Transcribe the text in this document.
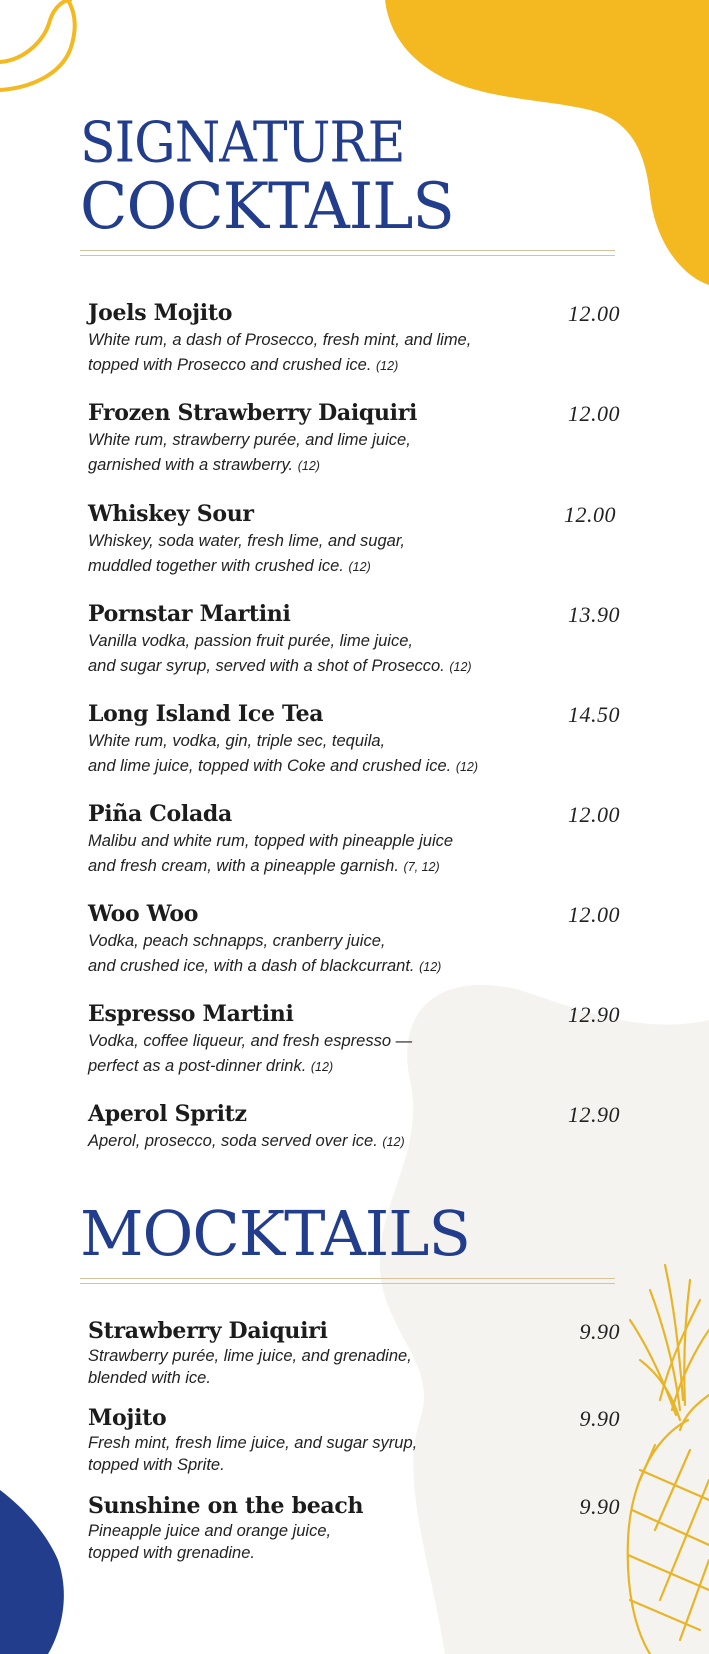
SIGNATURE
COCKTAILS
Joels Mojito	12.00
White rum, a dash of Prosecco, fresh mint, and lime,
topped with Prosecco and crushed ice. (12)
Frozen Strawberry Daiquiri	12.00
White rum, strawberry purée, and lime juice,
garnished with a strawberry. (12)
Whiskey Sour	12.00
Whiskey, soda water, fresh lime, and sugar,
muddled together with crushed ice. (12)
Pornstar Martini	13.90
Vanilla vodka, passion fruit purée, lime juice,
and sugar syrup, served with a shot of Prosecco. (12)
Long Island Ice Tea	14.50
White rum, vodka, gin, triple sec, tequila,
and lime juice, topped with Coke and crushed ice. (12)
Piña Colada	12.00
Malibu and white rum, topped with pineapple juice
and fresh cream, with a pineapple garnish. (7, 12)
Woo Woo	12.00
Vodka, peach schnapps, cranberry juice,
and crushed ice, with a dash of blackcurrant. (12)
Espresso Martini	12.90
Vodka, coffee liqueur, and fresh espresso —
perfect as a post-dinner drink. (12)
Aperol Spritz	12.90
Aperol, prosecco, soda served over ice. (12)
MOCKTAILS
Strawberry Daiquiri	9.90
Strawberry purée, lime juice, and grenadine,
blended with ice.
Mojito	9.90
Fresh mint, fresh lime juice, and sugar syrup,
topped with Sprite.
Sunshine on the beach	9.90
Pineapple juice and orange juice,
topped with grenadine.
